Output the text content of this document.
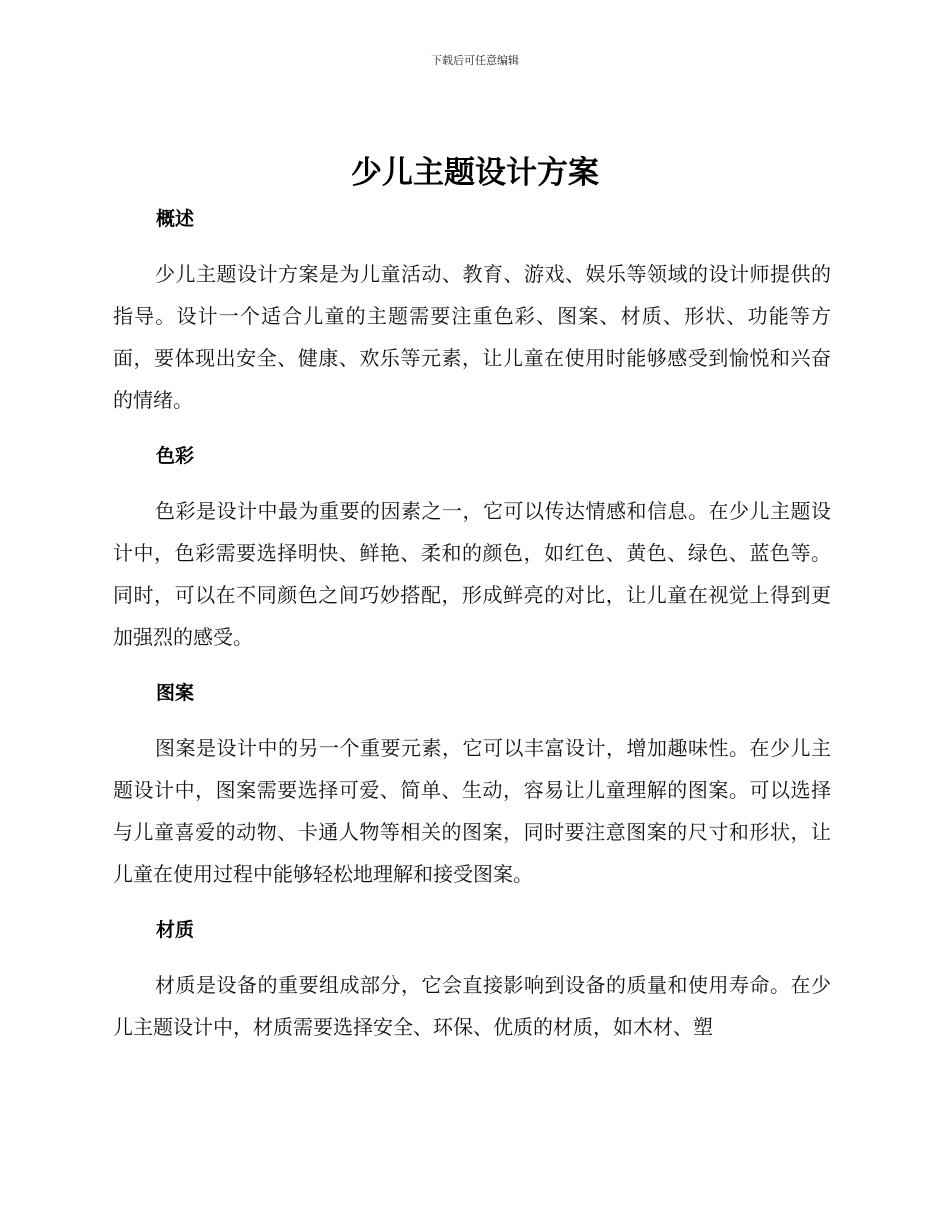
下载后可任意编辑
少儿主题设计方案
概述

少儿主题设计方案是为儿童活动、教育、游戏、娱乐等领域的设计师提供的指导。设计一个适合儿童的主题需要注重色彩、图案、材质、形状、功能等方面，要体现出安全、健康、欢乐等元素，让儿童在使用时能够感受到愉悦和兴奋的情绪。

色彩

色彩是设计中最为重要的因素之一，它可以传达情感和信息。在少儿主题设计中，色彩需要选择明快、鲜艳、柔和的颜色，如红色、黄色、绿色、蓝色等。同时，可以在不同颜色之间巧妙搭配，形成鲜亮的对比，让儿童在视觉上得到更加强烈的感受。

图案

图案是设计中的另一个重要元素，它可以丰富设计，增加趣味性。在少儿主题设计中，图案需要选择可爱、简单、生动，容易让儿童理解的图案。可以选择与儿童喜爱的动物、卡通人物等相关的图案，同时要注意图案的尺寸和形状，让儿童在使用过程中能够轻松地理解和接受图案。

材质

材质是设备的重要组成部分，它会直接影响到设备的质量和使用寿命。在少儿主题设计中，材质需要选择安全、环保、优质的材质，如木材、塑
